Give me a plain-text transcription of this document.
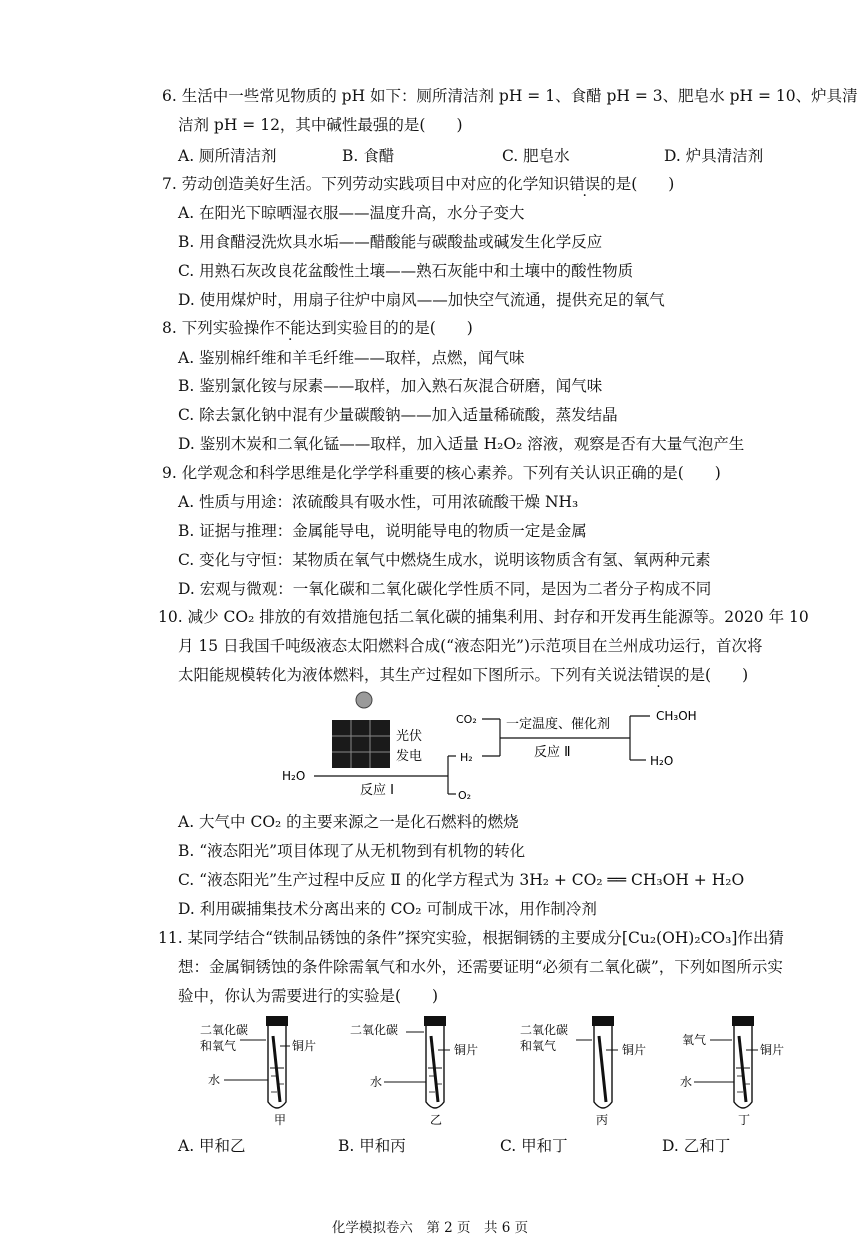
6. 生活中一些常见物质的 pH 如下：厕所清洁剂 pH = 1、食醋 pH = 3、肥皂水 pH = 10、炉具清
洁剂 pH = 12，其中碱性最强的是(　　)
A. 厕所清洁剂	B. 食醋	C. 肥皂水	D. 炉具清洁剂
7. 劳动创造美好生活。下列劳动实践项目中对应的化学知识错误的是(　　)
A. 在阳光下晾晒湿衣服——温度升高，水分子变大
B. 用食醋浸洗炊具水垢——醋酸能与碳酸盐或碱发生化学反应
C. 用熟石灰改良花盆酸性土壤——熟石灰能中和土壤中的酸性物质
D. 使用煤炉时，用扇子往炉中扇风——加快空气流通，提供充足的氧气
8. 下列实验操作不能达到实验目的的是(　　)
A. 鉴别棉纤维和羊毛纤维——取样，点燃，闻气味
B. 鉴别氯化铵与尿素——取样，加入熟石灰混合研磨，闻气味
C. 除去氯化钠中混有少量碳酸钠——加入适量稀硫酸，蒸发结晶
D. 鉴别木炭和二氧化锰——取样，加入适量 H₂O₂ 溶液，观察是否有大量气泡产生
9. 化学观念和科学思维是化学学科重要的核心素养。下列有关认识正确的是(　　)
A. 性质与用途：浓硫酸具有吸水性，可用浓硫酸干燥 NH₃
B. 证据与推理：金属能导电，说明能导电的物质一定是金属
C. 变化与守恒：某物质在氧气中燃烧生成水，说明该物质含有氢、氧两种元素
D. 宏观与微观：一氧化碳和二氧化碳化学性质不同，是因为二者分子构成不同
10. 减少 CO₂ 排放的有效措施包括二氧化碳的捕集利用、封存和开发再生能源等。2020 年 10
月 15 日我国千吨级液态太阳燃料合成(“液态阳光”)示范项目在兰州成功运行，首次将
太阳能规模转化为液体燃料，其生产过程如下图所示。下列有关说法错误的是(　　)
光伏
发电
H₂O
H₂
O₂
反应 Ⅰ
CO₂ 一定温度、催化剂
反应 Ⅱ
CH₃OH
H₂O
A. 大气中 CO₂ 的主要来源之一是化石燃料的燃烧
B. “液态阳光”项目体现了从无机物到有机物的转化
C. “液态阳光”生产过程中反应 Ⅱ 的化学方程式为 3H₂ + CO₂ ══ CH₃OH + H₂O
D. 利用碳捕集技术分离出来的 CO₂ 可制成干冰，用作制冷剂
11. 某同学结合“铁制品锈蚀的条件”探究实验，根据铜锈的主要成分[Cu₂(OH)₂CO₃]作出猜
想：金属铜锈蚀的条件除需氧气和水外，还需要证明“必须有二氧化碳”，下列如图所示实
验中，你认为需要进行的实验是(　　)
二氧化碳
和氧气	铜片
水
甲
二氧化碳
铜片
水
乙
二氧化碳
和氧气	铜片
丙
氧气
铜片
水
丁
A. 甲和乙	B. 甲和丙	C. 甲和丁	D. 乙和丁
化学模拟卷六　第 2 页　共 6 页
